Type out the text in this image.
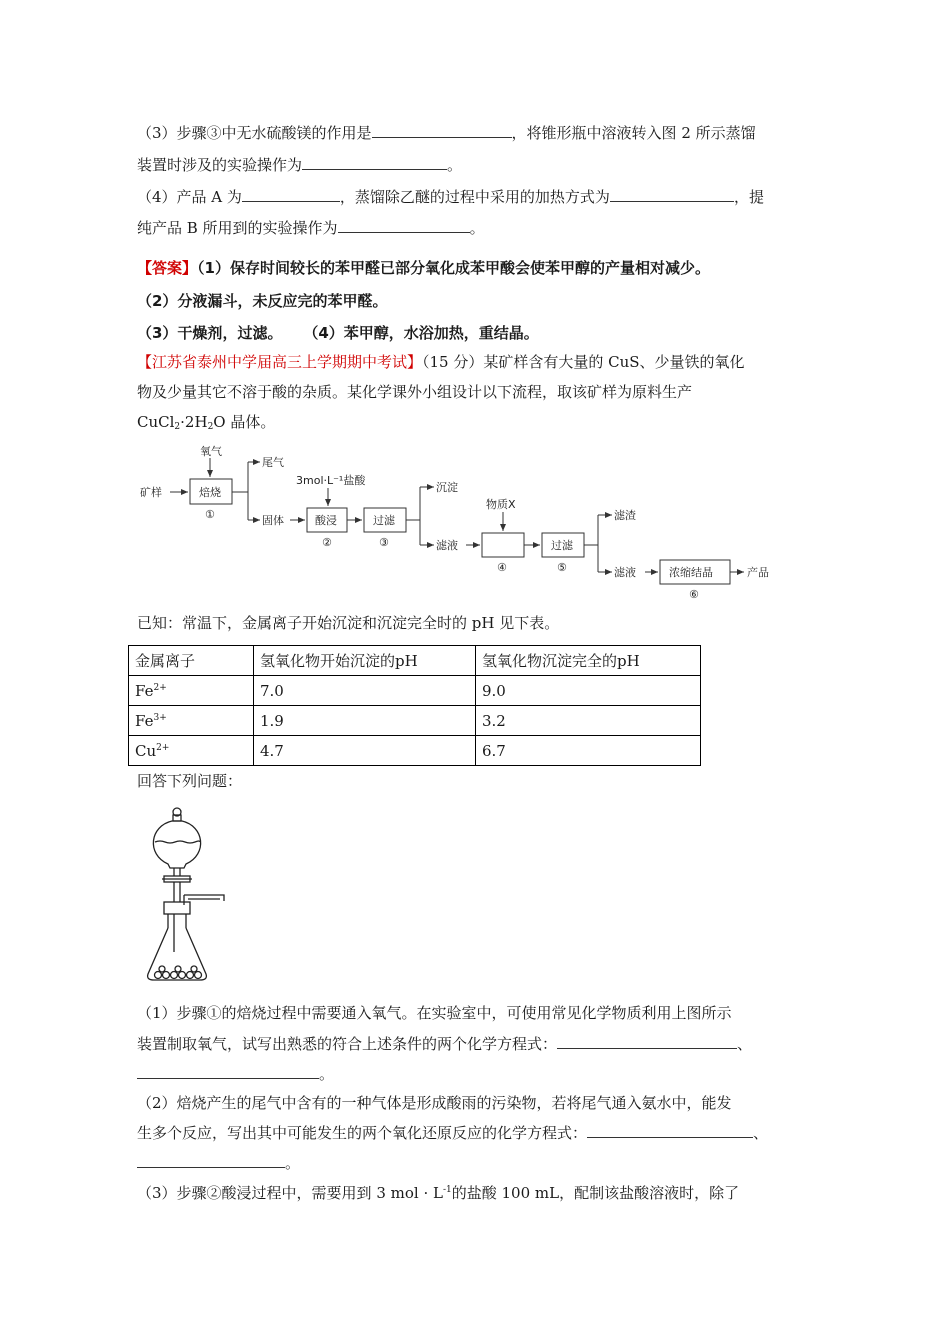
（3）步骤③中无水硫酸镁的作用是	，将锥形瓶中溶液转入图 2 所示蒸馏
装置时涉及的实验操作为	。
（4）产品 A 为	，蒸馏除乙醚的过程中采用的加热方式为	，提
纯产品 B 所用到的实验操作为	。
【答案】（1）保存时间较长的苯甲醛已部分氧化成苯甲酸会使苯甲醇的产量相对减少。
（2）分液漏斗，未反应完的苯甲醛。
（3）干燥剂，过滤。    （4）苯甲醇，水浴加热，重结晶。
【江苏省泰州中学届高三上学期期中考试】（15 分）某矿样含有大量的 CuS、少量铁的氧化
物及少量其它不溶于酸的杂质。某化学课外小组设计以下流程，取该矿样为原料生产
$CuCl_2\cdot 2H_2O$ 晶体。
矿样
氧气
焙烧
①
尾气
固体
3mol·L⁻¹盐酸
酸浸
②
过滤
③
沉淀
滤液
物质X
④
过滤
⑤
滤渣
滤液	浓缩结晶
⑥
产品
已知：常温下，金属离子开始沉淀和沉淀完全时的 pH 见下表。
金属离子	氢氧化物开始沉淀的pH	氢氧化物沉淀完全的pH
$Fe^{2+}$	7.0	9.0
$Fe^{3+}$	1.9	3.2
$Cu^{2+}$	4.7	6.7
回答下列问题：
（1）步骤①的焙烧过程中需要通入氧气。在实验室中，可使用常见化学物质利用上图所示
装置制取氧气，试写出熟悉的符合上述条件的两个化学方程式：	、
。
（2）焙烧产生的尾气中含有的一种气体是形成酸雨的污染物，若将尾气通入氨水中，能发
生多个反应，写出其中可能发生的两个氧化还原反应的化学方程式：	、
。
（3）步骤②酸浸过程中，需要用到 3 mol · $L^{-1}$的盐酸 100 mL，配制该盐酸溶液时，除了
